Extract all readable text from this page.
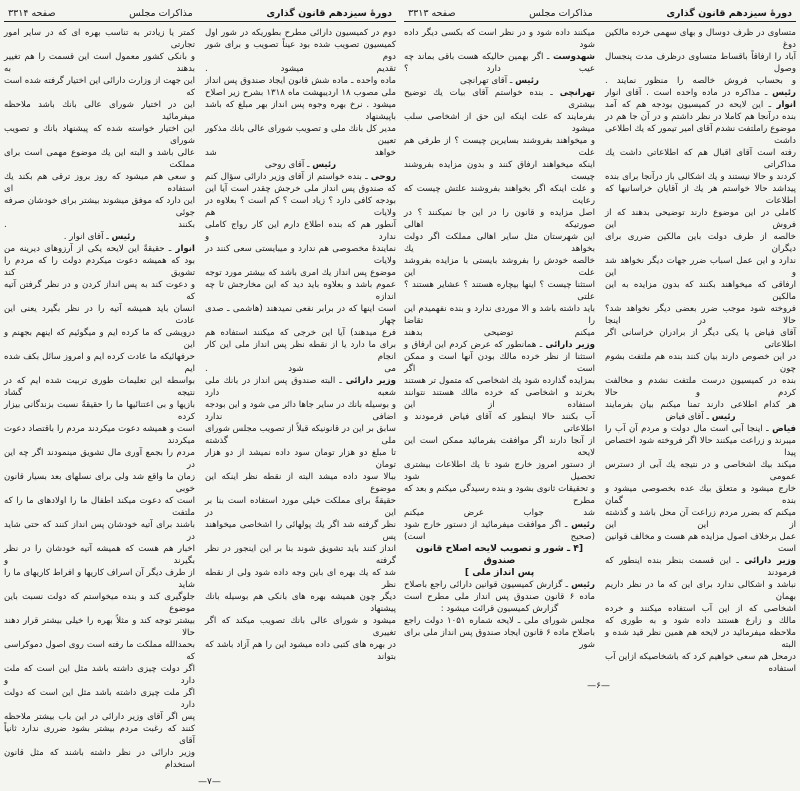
دورهٔ سیزدهم قانون گذاری
مذاکرات مجلس
صفحه ۳۳۱۳
متساوی در ظرف دوسال و بهای سهمی خرده مالکین دوغ
آباد را ارفاقاً باقساط متساوی درظرف مدت پنجسال وصول
و بحساب فروش خالصه را منظور نمایند .
رئیس ـ مذاکره در ماده واحده است . آقای انوار
انوار ـ این لایحه در کمیسیون بودجه هم که آمد
بنده درآنجا هم کاملا در نظر داشتم و در آن جا هم در
موضوع راملتفت نشدم آقای امیر تیمور که یك اطلاعی داشت
رفته است آقای اقبال هم که اطلاعاتی داشت یك مذاکراتی
کردند و حالا نیستند و یك اشکالی باز درآنجا برای بنده
پیداشد حالا خواستم هر یك از آقایان خراسانیها که اطلاعات
کاملی در این موضوع دارند توضیحی بدهند که از فروش این
خالصه از طرف دولت باین مالکین ضرری برای دیگران
ندارد و این عمل اسباب ضرر جهات دیگر نخواهد شد و این
ارفاقی که میخواهند بکنند که بدون مزایده به این مالکین
فروخته شود موجب ضرر بعضی دیگر نخواهد شد؟ حالا در اینجا
آقای فیاض یا یکی دیگر از برادران خراسانی اگر اطلاعاتی
در این خصوص دارند بیان کنند بنده هم ملتفت بشوم چون
بنده در کمیسیون درست ملتفت نشدم و مخالفت کردم و حالا
هر کدام اطلاعی دارند تمنا میکنم بیان بفرمایند
رئیس ـ آقای فیاض
فیاض ـ اینجا آبی است مال دولت و مردم آن آب را
میبرند و زراعت میکنند حالا اگر فروخته شود اختصاص پیدا
میکند بیك اشخاصی و در نتیجه یك آبی از دسترس عمومی
خارج میشود و متعلق بیك عده بخصوصی میشود و بنده گمان
میکنم که بضرر مردم زراعت آن محل باشد و گذشته از این این
عمل برخلاف اصول مزایده هم هست و مخالف قوانین است
وزیر دارائی ـ این قسمت بنظر بنده اینطور که فرمودند
نباشد و اشکالی ندارد برای این که ما در نظر داریم بهمان
اشخاصی که از این آب استفاده میکنند و خرده
مالك و زارع هستند داده شود و به طوری که
ملاحظه میفرمائید در لایحه هم همین نظر قید شده و البته
درمحل هم سعی خواهیم کرد که باشخاصیکه ازاین آب استفاده
میکنند داده شود و در نظر است که بکسی دیگر داده شود
شهدوست ـ اگر بهمین حالیکه هست باقی بماند چه
عیب دارد ؟
رئیس ـ آقای تهرانچی
تهرانچی ـ بنده خواستم آقای بیات یك توضیح بیشتری
بفرمایند که علت اینکه این حق از اشخاصی سلب میشود
و میخواهند بفروشند بسایرین چیست ؟ از طرفی هم علت
اینکه میخواهند ارفاق کنند و بدون مزایده بفروشند چیست
و علت اینکه اگر بخواهند بفروشند علتش چیست که رعایت
اصل مزایده و قانون را در این جا نمیکنند ؟ در صورتیکه اهالی
این شهرستان مثل سایر اهالی مملکت اگر دولت بخواهد یك
خالصه خودش را بفروشد بایستی با مزایده بفروشد علت این
استثنا چیست ؟ اینها بیچاره هستند ؟ عشایر هستند ؟ علتی
باید داشته باشد و الا موردی ندارد و بنده نفهمیدم این را تقاضا
میکنم توضیحی بدهند
وزیر دارائی ـ همانطور که عرض کردم این ارفاق و
استثنا از نظر خرده مالك بودن آنها است و ممکن است اگر
بمزایده گذارده شود یك اشخاصی که متمول تر هستند
بخرند و اشخاصی که خرده مالك هستند نتوانند استفاده از این
آب بکنند حالا اینطور که آقای فیاض فرمودند و اطلاعاتی
از آنجا دارند اگر موافقت بفرمائید ممکن است این لایحه
از دستور امروز خارج شود تا یك اطلاعات بیشتری تحصیل شود
و تحقیقات ثانوی بشود و بنده رسیدگی میکنم و بعد که مطرح
شد جواب عرض میکنم
رئیس ـ اگر موافقت میفرمائید از دستور خارج شود
(صحیح است)
[۴ ـ شور و تصویب لایحه اصلاح قانون صندوق
پس انداز ملی ]
رئیس ـ گزارش کمیسیون قوانین دارائی راجع باصلاح
ماده ۶ قانون صندوق پس انداز ملی مطرح است
گزارش کمیسیون قرائت میشود :
مجلس شورای ملی ـ لایحه شماره ۱۰۵۱ دولت راجع
باصلاح ماده ۶ قانون ایجاد صندوق پس انداز ملی برای شور
—۶—
دورهٔ سیزدهم قانون گذاری
مذاکرات مجلس
صفحه ۳۳۱۴
دوم در کمیسیون دارائی مطرح بطوریکه در شور اول
کمیسیون تصویب شده بود عیناً تصویب و برای شور دوم
تقدیم میشود .
ماده واحده ـ ماده شش قانون ایجاد صندوق پس انداز
ملی مصوب ۱۸ اردیبهشت ماه ۱۳۱۸ بشرح زیر اصلاح
میشود . نرخ بهره وجوه پس انداز بهر مبلغ که باشد باپیشنهاد
مدیر کل بانك ملی و تصویب شورای عالی بانك مذکور تعیین
خواهد شد
رئیس ـ آقای روحی
روحی ـ بنده خواستم از آقای وزیر دارائی سؤال کنم
که صندوق پس انداز ملی خرجش چقدر است آیا این
بودجه کافی دارد ؟ زیاد است ؟ کم است ؟ بعلاوه در ولایات هم
آنطور هم که بنده اطلاع دارم این کار رواج کاملی ندارد و
نمایندهٔ مخصوصی هم ندارد و میبایستی سعی کنند در ولایات
موضوع پس انداز یك امری باشد که بیشتر مورد توجه
عموم باشد و بعلاوه باید دید که این مخارجش تا چه اندازه
است اینها که در برابر نفعی نمیدهند (هاشمی ـ صدی چهار
فرع میدهند) آیا این خرجی که میکنند استفاده هم
برای ما دارد یا از نقطه نظر پس انداز ملی این کار انجام
می شود .
وزیر دارائی ـ البته صندوق پس انداز در بانك ملی شعبه دارد
و بوسیله بانك در سایر جاها دائر می شود و این بودجه اضافی ندارد
سابق بر این در قانونیکه قبلاً از تصویب مجلس شورای ملی گذشته
تا مبلغ دو هزار تومان سود داده نمیشد از دو هزار تومان
ببالا سود داده میشد البته از نقطه نظر اینکه این موضوع
حقیقةً برای مملکت خیلی مورد استفاده است بنا بر این در
نظر گرفته شد اگر یك پولهائی را اشخاصی میخواهند پس
انداز کنند باید تشویق شوند بنا بر این اینجور در نظر گرفته
شد که یك بهره ای باین وجه داده شود ولی از نقطه نظر
دیگر چون همیشه بهره های بانکی هم بوسیله بانك پیشنهاد
میشود و شورای عالی بانك تصویب میکند که اگر تغییری
در بهره های کتبی داده میشود این را هم آزاد باشد که بتواند
کمتر یا زیادتر به تناسب بهره ای که در سایر امور تجارتی
و بانکی کشور معمول است این قسمت را هم تغییر بدهند به
این جهت از وزارت دارائی این اختیار گرفته شده است که
این در اختیار شورای عالی بانك باشد ملاحظه میفرمائید
این اختیار خواسته شده که پیشنهاد بانك و تصویب شورای
عالی باشد و البته این یك موضوع مهمی است برای مملکت
و سعی هم میشود که روز بروز ترقی هم بکند یك استفاده ای
این دارد که موفق میشوند بیشتر برای خودشان صرفه جوئی
بکنند .
رئیس ـ آقای انوار .
انوار ـ حقیقةً این لایحه یکی از آرزوهای دیرینه من
بود که همیشه دعوت میکردم دولت را که مردم را تشویق کند
و دعوت کند به پس انداز کردن و در نظر گرفتن آتیه که
انسان باید همیشه آتیه را در نظر بگیرد یعنی این عادت
درویشی که ما کرده ایم و میگوئیم که اینهم بجهنم و این
حرفهائیکه ما عادت کرده ایم و امروز سائل بکف شده ایم
بواسطه این تعلیمات طوری تربیت شده ایم که در نتیجه گشاد
بازیها و بی اعتنائیها ما را حقیقةً نسبت بزندگانی بیزار کرده
است و همیشه دعوت میکردند مردم را باقتصاد دعوت میکردند
مردم را بجمع آوری مال تشویق مینمودند اگر چه این در
زمان ما واقع شد ولی برای نسلهای بعد بسیار قانون خوبی
است که دعوت میکند اطفال ما را اولادهای ما را که ملتفت
باشند برای آتیه خودشان پس انداز کنند که حتی شاید در
اخبار هم هست که همیشه آتیه خودشان را در نظر بگیرند و
از طرف دیگر آن اسراف کاریها و افراط کاریهای ما را شاید
جلوگیری کند و بنده میخواستم که دولت نسبت باین موضوع
بیشتر توجه کند و مثلاً بهره را خیلی بیشتر قرار دهند حالا
بحمدالله مملکت ما رفته است روی اصول دموکراسی که
اگر دولت چیزی داشته باشد مثل این است که ملت دارد و
اگر ملت چیزی داشته باشد مثل این است که دولت دارد
پس اگر آقای وزیر دارائی در این باب بیشتر ملاحظه
کنند که رغبت مردم بیشتر بشود ضرری ندارد ثانیاً آقای
وزیر دارائی در نظر داشته باشند که مثل قانون استخدام
—۷—
